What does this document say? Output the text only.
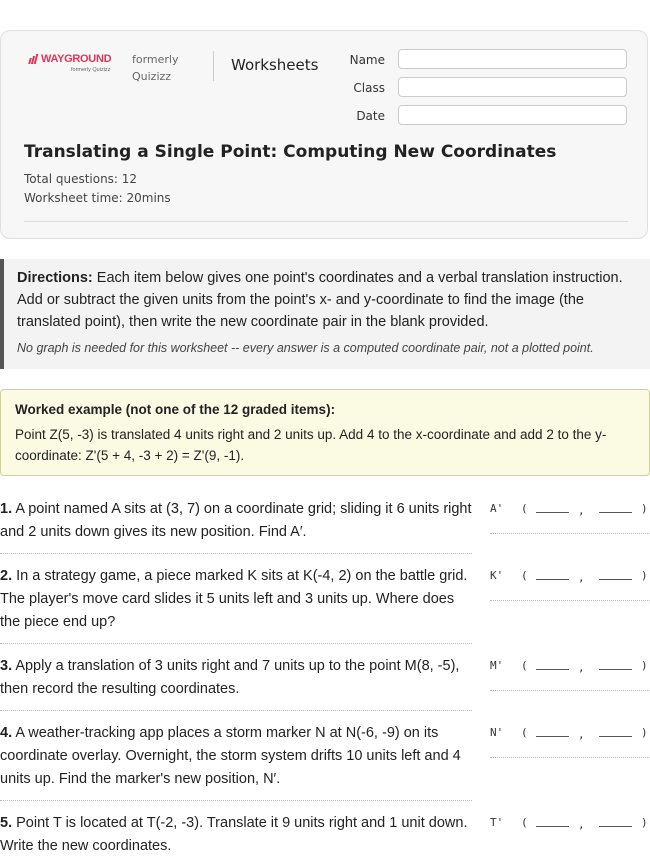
WAYGROUND
formerly Quizizz
formerly
Quizizz
Worksheets	Name
Class
Date
Translating a Single Point: Computing New Coordinates
Total questions: 12
Worksheet time: 20mins

Directions: Each item below gives one point's coordinates and a verbal translation instruction. Add or subtract the given units from the point's x- and y-coordinate to find the image (the translated point), then write the new coordinate pair in the blank provided.

No graph is needed for this worksheet -- every answer is a computed coordinate pair, not a plotted point.

Worked example (not one of the 12 graded items):

Point Z(5, -3) is translated 4 units right and 2 units up. Add 4 to the x-coordinate and add 2 to the y-coordinate: Z'(5 + 4, -3 + 2) = Z'(9, -1).

1. A point named A sits at (3, 7) on a coordinate grid; sliding it 6 units right and 2 units down gives its new position. Find A′.
A' (	,	)
2. In a strategy game, a piece marked K sits at K(-4, 2) on the battle grid. The player's move card slides it 5 units left and 3 units up. Where does the piece end up?
K' (	,	)
3. Apply a translation of 3 units right and 7 units up to the point M(8, -5), then record the resulting coordinates.
M' (	,	)
4. A weather-tracking app places a storm marker N at N(-6, -9) on its coordinate overlay. Overnight, the storm system drifts 10 units left and 4 units up. Find the marker's new position, N′.
N' (	,	)
5. Point T is located at T(-2, -3). Translate it 9 units right and 1 unit down. Write the new coordinates.
T' (	,	)
